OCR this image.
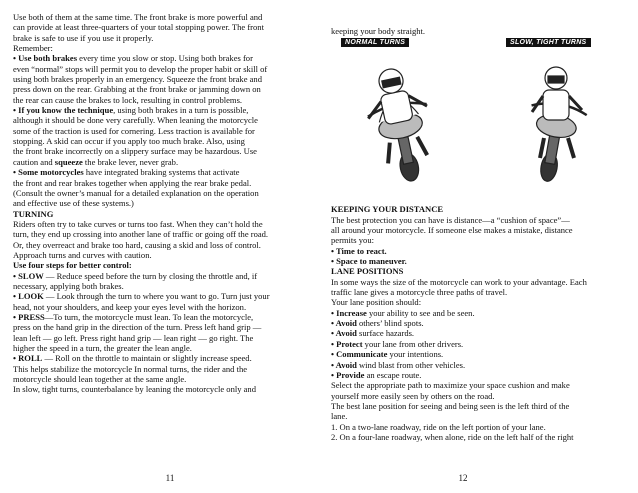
Use both of them at the same time. The front brake is more powerful and

can provide at least three-quarters of your total stopping power. The front

brake is safe to use if you use it properly.

Remember:

• Use both brakes every time you slow or stop. Using both brakes for

even “normal” stops will permit you to develop the proper habit or skill of

using both brakes properly in an emergency. Squeeze the front brake and

press down on the rear. Grabbing at the front brake or jamming down on

the rear can cause the brakes to lock, resulting in control problems.

• If you know the technique, using both brakes in a turn is possible,

although it should be done very carefully. When leaning the motorcycle

some of the traction is used for cornering. Less traction is available for

stopping. A skid can occur if you apply too much brake. Also, using

the front brake incorrectly on a slippery surface may be hazardous. Use

caution and squeeze the brake lever, never grab.

• Some motorcycles have integrated braking systems that activate

the front and rear brakes together when applying the rear brake pedal.

(Consult the owner’s manual for a detailed explanation on the operation

and effective use of these systems.)

TURNING

Riders often try to take curves or turns too fast. When they can’t hold the

turn, they end up crossing into another lane of traffic or going off the road.

Or, they overreact and brake too hard, causing a skid and loss of control.

Approach turns and curves with caution.

Use four steps for better control:

• SLOW — Reduce speed before the turn by closing the throttle and, if

necessary, applying both brakes.

• LOOK — Look through the turn to where you want to go. Turn just your

head, not your shoulders, and keep your eyes level with the horizon.

• PRESS—To turn, the motorcycle must lean. To lean the motorcycle,

press on the hand grip in the direction of the turn. Press left hand grip —

lean left — go left. Press right hand grip — lean right — go right. The

higher the speed in a turn, the greater the lean angle.

• ROLL — Roll on the throttle to maintain or slightly increase speed.

This helps stabilize the motorcycle In normal turns, the rider and the

motorcycle should lean together at the same angle.

In slow, tight turns, counterbalance by leaning the motorcycle only and

11
keeping your body straight.
NORMAL TURNS	SLOW, TIGHT TURNS

KEEPING YOUR DISTANCE

The best protection you can have is distance—a “cushion of space”—

all around your motorcycle. If someone else makes a mistake, distance

permits you:

• Time to react.

• Space to maneuver.

LANE POSITIONS

In some ways the size of the motorcycle can work to your advantage. Each

traffic lane gives a motorcycle three paths of travel.

Your lane position should:

• Increase your ability to see and be seen.

• Avoid others’ blind spots.

• Avoid surface hazards.

• Protect your lane from other drivers.

• Communicate your intentions.

• Avoid wind blast from other vehicles.

• Provide an escape route.

Select the appropriate path to maximize your space cushion and make

yourself more easily seen by others on the road.

The best lane position for seeing and being seen is the left third of the

lane.

1. On a two-lane roadway, ride on the left portion of your lane.

2. On a four-lane roadway, when alone, ride on the left half of the right

12
